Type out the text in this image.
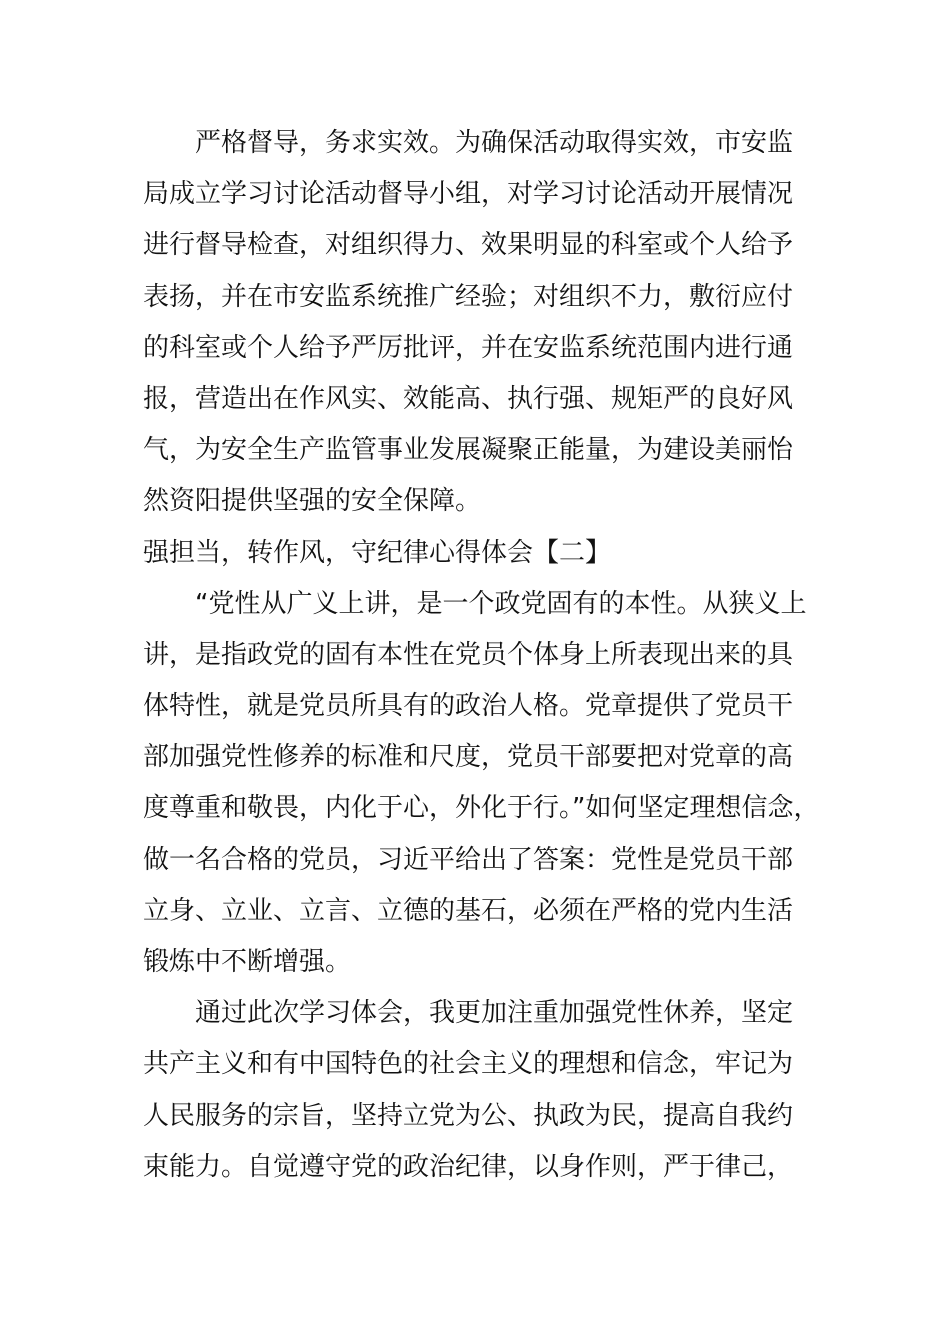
严格督导，务求实效。为确保活动取得实效，市安监
局成立学习讨论活动督导小组，对学习讨论活动开展情况
进行督导检查，对组织得力、效果明显的科室或个人给予
表扬，并在市安监系统推广经验；对组织不力，敷衍应付
的科室或个人给予严厉批评，并在安监系统范围内进行通
报，营造出在作风实、效能高、执行强、规矩严的良好风
气，为安全生产监管事业发展凝聚正能量，为建设美丽怡
然资阳提供坚强的安全保障。
强担当，转作风，守纪律心得体会【二】
“党性从广义上讲，是一个政党固有的本性。从狭义上
讲，是指政党的固有本性在党员个体身上所表现出来的具
体特性，就是党员所具有的政治人格。党章提供了党员干
部加强党性修养的标准和尺度，党员干部要把对党章的高
度尊重和敬畏，内化于心，外化于行。”如何坚定理想信念，
做一名合格的党员，习近平给出了答案：党性是党员干部
立身、立业、立言、立德的基石，必须在严格的党内生活
锻炼中不断增强。
通过此次学习体会，我更加注重加强党性休养，坚定
共产主义和有中国特色的社会主义的理想和信念，牢记为
人民服务的宗旨，坚持立党为公、执政为民，提高自我约
束能力。自觉遵守党的政治纪律，以身作则，严于律己，
